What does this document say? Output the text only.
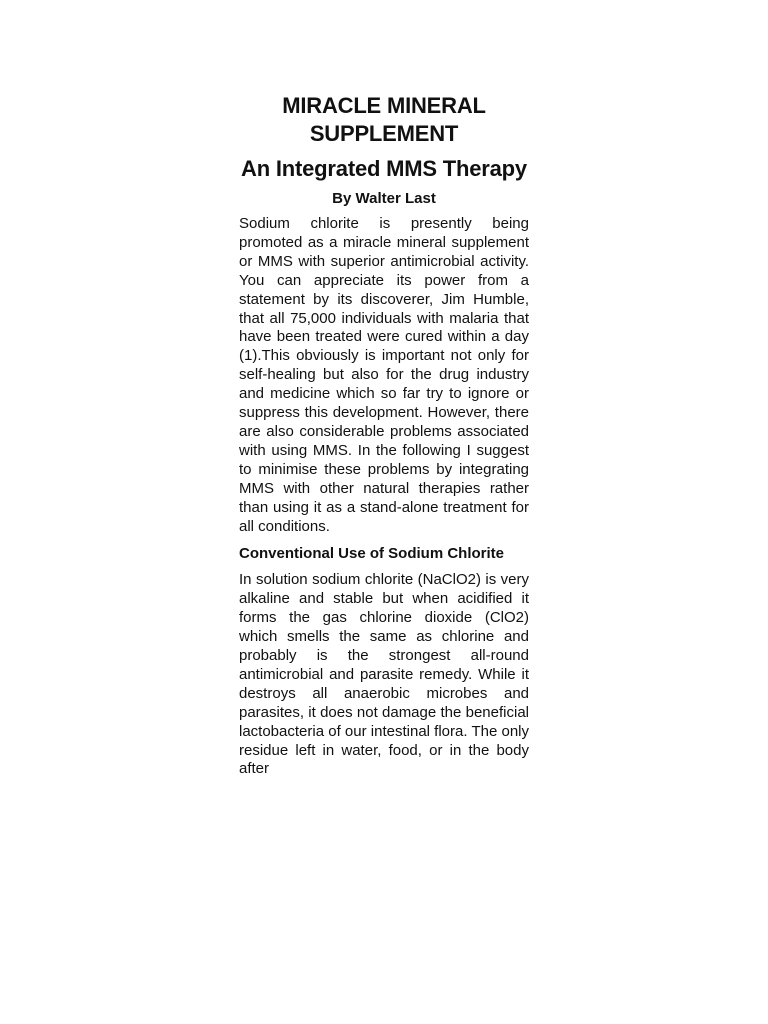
MIRACLE MINERAL SUPPLEMENT
An Integrated MMS Therapy
By Walter Last

Sodium chlorite is presently being promoted as a miracle mineral supplement or MMS with superior antimicrobial activity. You can appreciate its power from a statement by its discoverer, Jim Humble, that all 75,000 individuals with malaria that have been treated were cured within a day (1).This obviously is important not only for self-healing but also for the drug industry and medicine which so far try to ignore or suppress this development. However, there are also considerable problems associated with using MMS. In the following I suggest to minimise these problems by integrating MMS with other natural therapies rather than using it as a stand-alone treatment for all conditions.

Conventional Use of Sodium Chlorite

In solution sodium chlorite (NaClO2) is very alkaline and stable but when acidified it forms the gas chlorine dioxide (ClO2) which smells the same as chlorine and probably is the strongest all-round antimicrobial and parasite remedy. While it destroys all anaerobic microbes and parasites, it does not damage the beneficial lactobacteria of our intestinal flora. The only residue left in water, food, or in the body after
